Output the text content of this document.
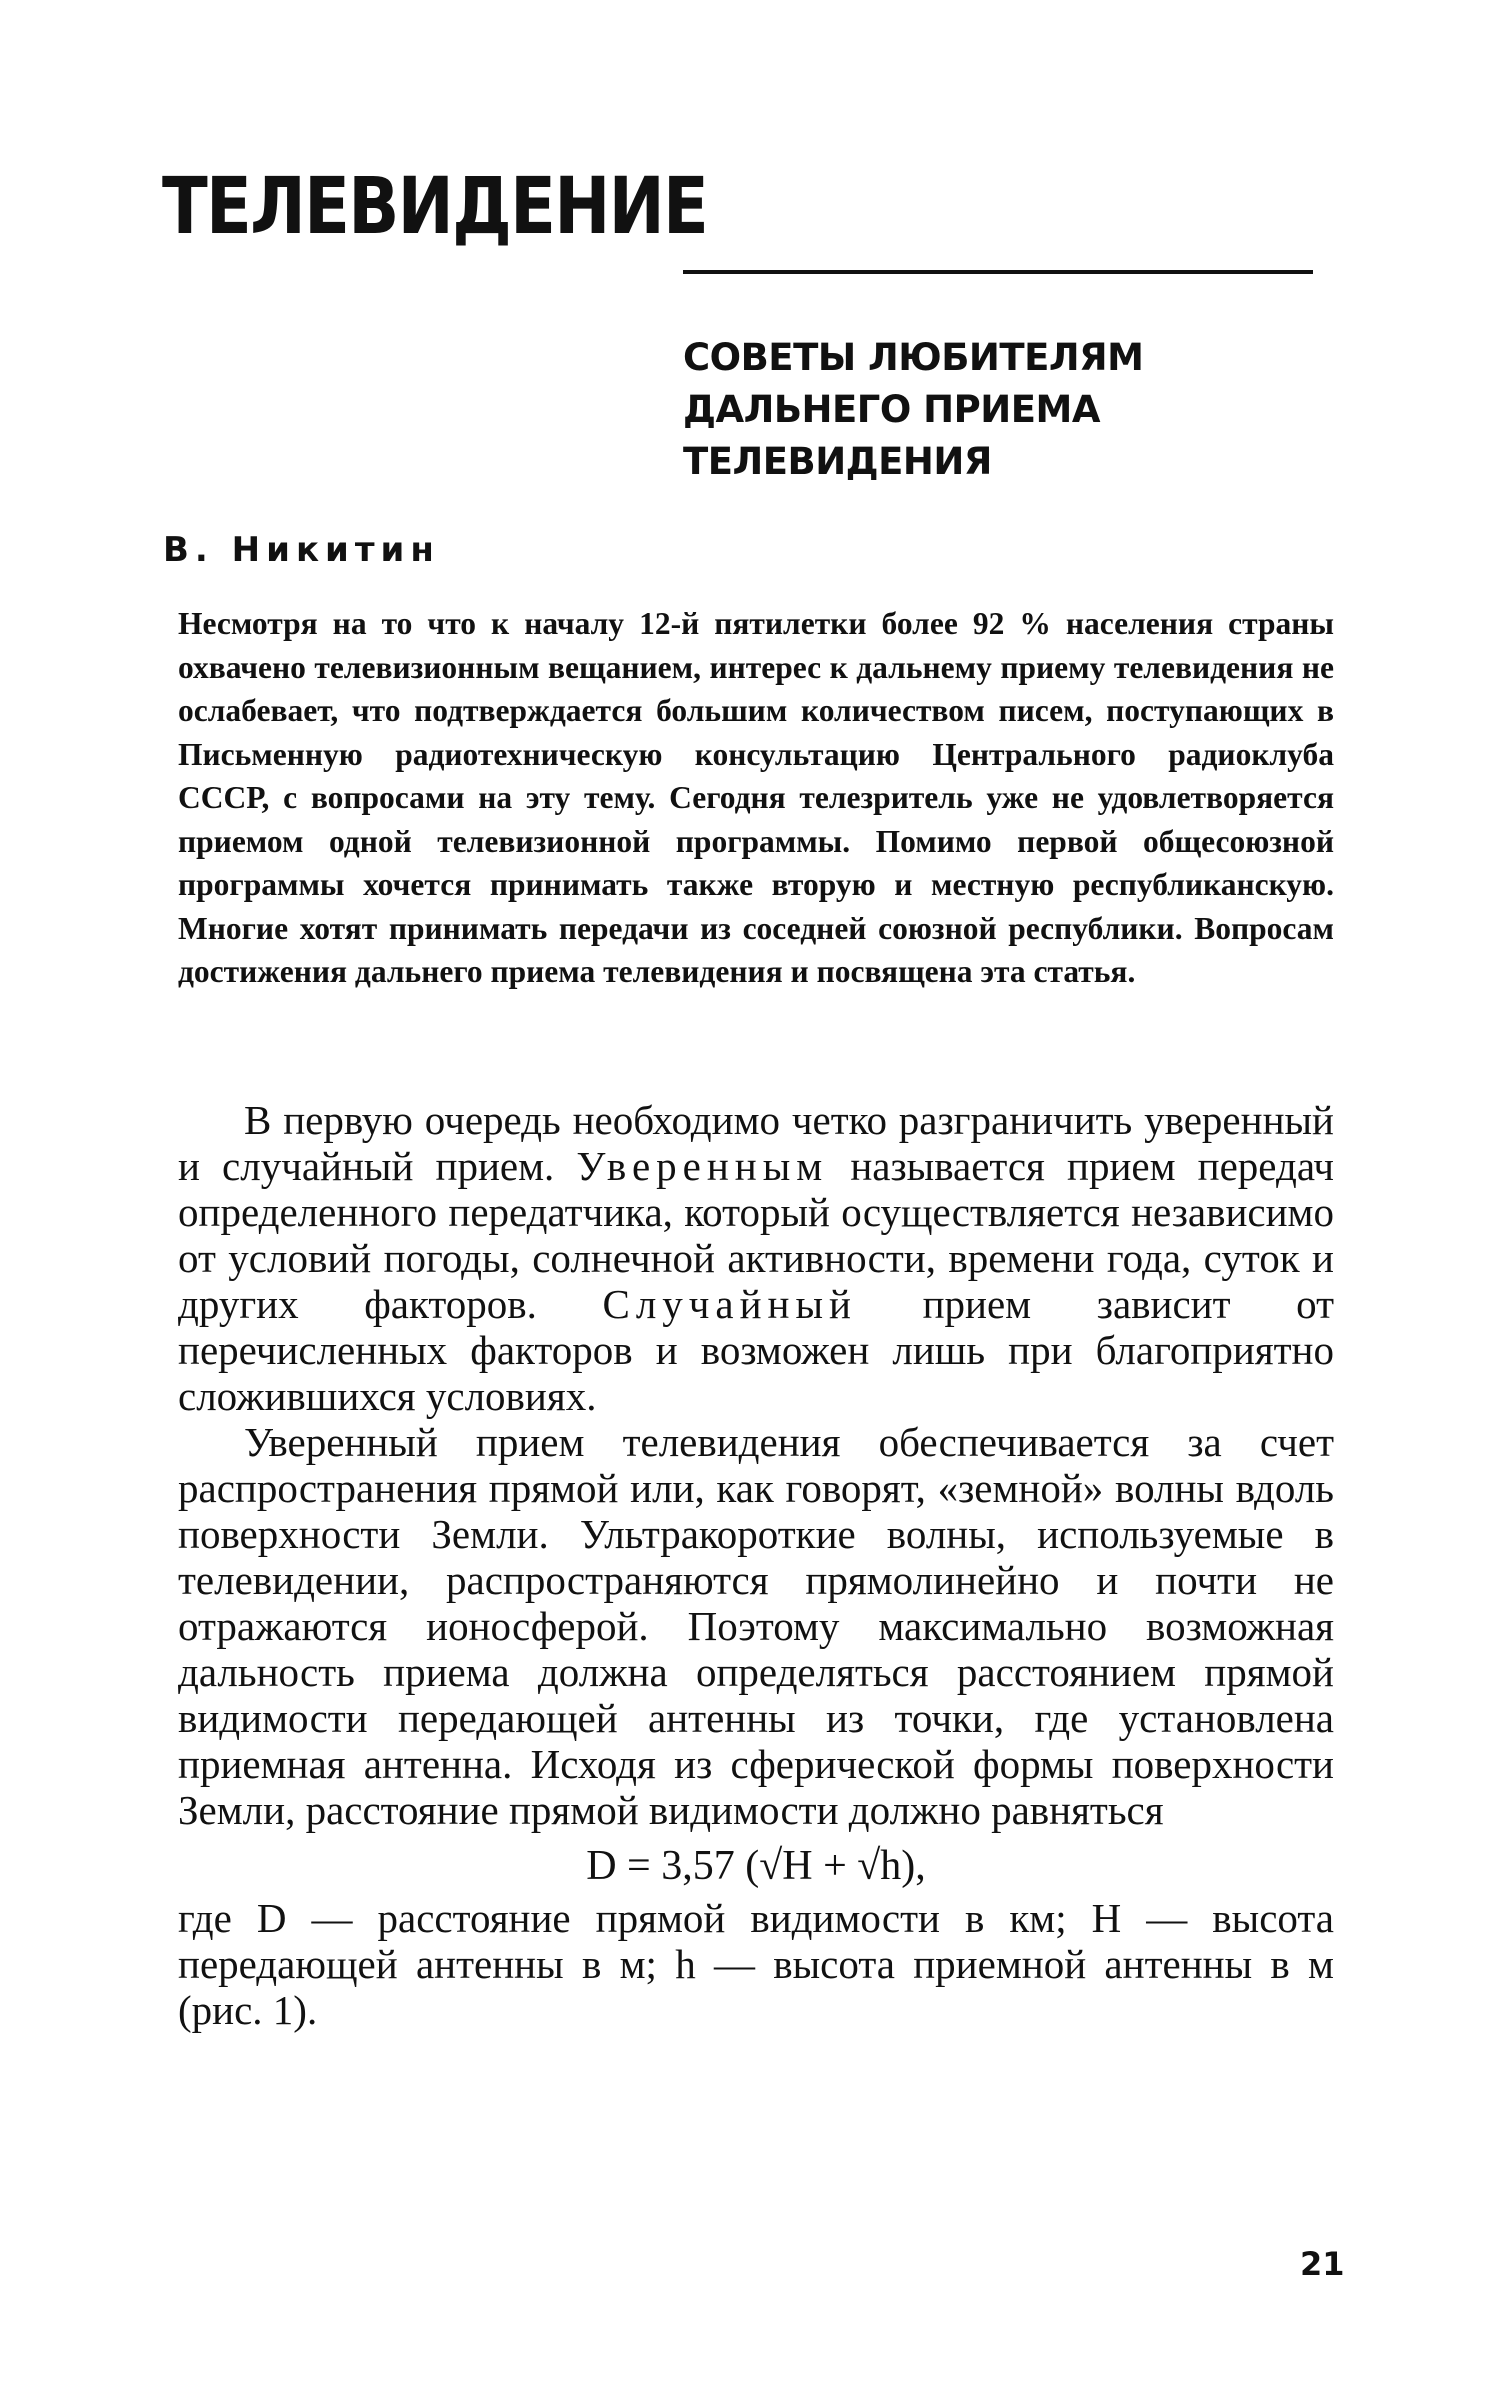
ТЕЛЕВИДЕНИЕ
СОВЕТЫ ЛЮБИТЕЛЯМ
ДАЛЬНЕГО ПРИЕМА
ТЕЛЕВИДЕНИЯ
В. Никитин

Несмотря на то что к началу 12-й пятилетки более 92 % населения страны охвачено телевизионным вещанием, интерес к дальнему приему телевидения не ослабевает, что подтверждается большим количеством писем, поступающих в Письменную радиотехническую консультацию Центрального радиоклуба СССР, с вопросами на эту тему. Сегодня телезритель уже не удовлетворяется приемом одной телевизионной программы. Помимо первой общесоюзной программы хочется принимать также вторую и местную республиканскую. Многие хотят принимать передачи из соседней союзной республики. Вопросам достижения дальнего приема телевидения и посвящена эта статья.

В первую очередь необходимо четко разграничить уверенный и случайный прием. Уверенным называется прием передач определенного передатчика, который осуществляется независимо от условий погоды, солнечной активности, времени года, суток и других факторов. Случайный прием зависит от перечисленных факторов и возможен лишь при благоприятно сложившихся условиях.

Уверенный прием телевидения обеспечивается за счет распространения прямой или, как говорят, «земной» волны вдоль поверхности Земли. Ультракороткие волны, используемые в телевидении, распространяются прямолинейно и почти не отражаются ионосферой. Поэтому максимально возможная дальность приема должна определяться расстоянием прямой видимости передающей антенны из точки, где установлена приемная антенна. Исходя из сферической формы поверхности Земли, расстояние прямой видимости должно равняться

D = 3,57 (√H + √h),

где D — расстояние прямой видимости в км; H — высота передающей антенны в м; h — высота приемной антенны в м (рис. 1).

21
